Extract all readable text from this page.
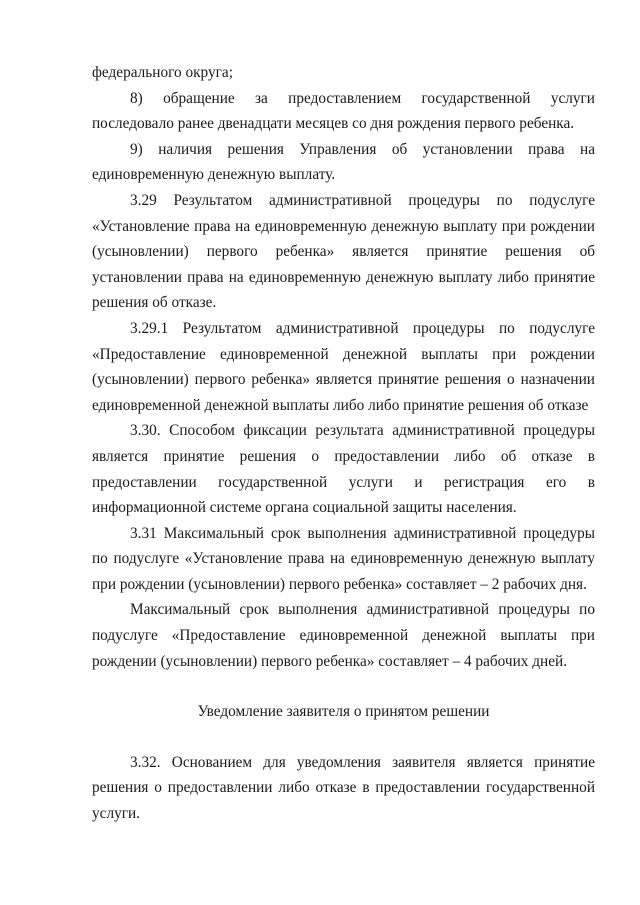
федерального округа;

8) обращение за предоставлением государственной услуги последовало ранее двенадцати месяцев со дня рождения первого ребенка.

9) наличия решения Управления об установлении права на единовременную денежную выплату.

3.29 Результатом административной процедуры по подуслуге «Установление права на единовременную денежную выплату при рождении (усыновлении) первого ребенка» является принятие решения об установлении права на единовременную денежную выплату либо принятие решения об отказе.

3.29.1 Результатом административной процедуры по подуслуге «Предоставление единовременной денежной выплаты при рождении (усыновлении) первого ребенка» является принятие решения о назначении единовременной денежной выплаты либо либо принятие решения об отказе

3.30. Способом фиксации результата административной процедуры является принятие решения о предоставлении либо об отказе в предоставлении государственной услуги и регистрация его в информационной системе органа социальной защиты населения.

3.31 Максимальный срок выполнения административной процедуры по подуслуге «Установление права на единовременную денежную выплату при рождении (усыновлении) первого ребенка» составляет – 2 рабочих дня.

Максимальный срок выполнения административной процедуры по подуслуге «Предоставление единовременной денежной выплаты при рождении (усыновлении) первого ребенка» составляет – 4 рабочих дней.

Уведомление заявителя о принятом решении

3.32. Основанием для уведомления заявителя является принятие решения о предоставлении либо отказе в предоставлении государственной услуги.
